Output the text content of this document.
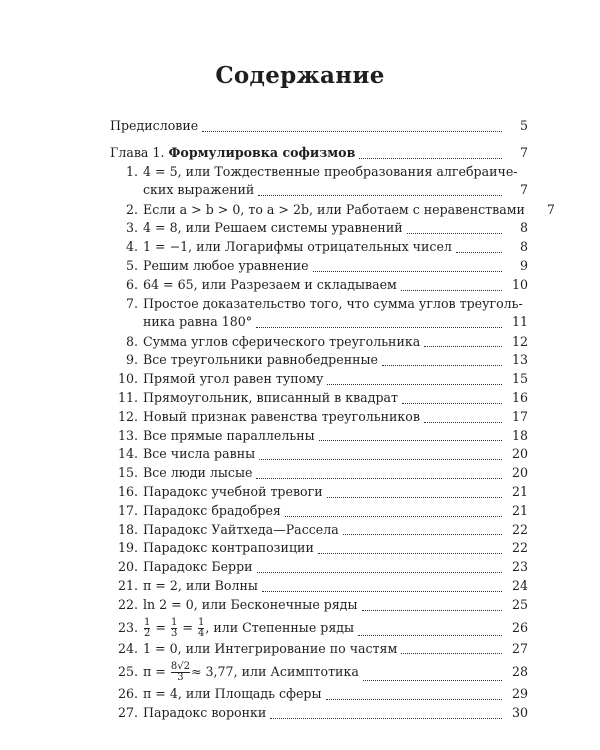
Содержание
Предисловие	5
Глава 1. Формулировка софизмов	7
1. 4 = 5, или Тождественные преобразования алгебраиче-
ских выражений	7
2. Если a > b > 0, то a > 2b, или Работаем с неравенствами	7
3. 4 = 8, или Решаем системы уравнений	8
4. 1 = −1, или Логарифмы отрицательных чисел	8
5. Решим любое уравнение	9
6. 64 = 65, или Разрезаем и складываем	10
7. Простое доказательство того, что сумма углов треуголь-
ника равна 180°	11
8. Сумма углов сферического треугольника	12
9. Все треугольники равнобедренные	13
10. Прямой угол равен тупому	15
11. Прямоугольник, вписанный в квадрат	16
12. Новый признак равенства треугольников	17
13. Все прямые параллельны	18
14. Все числа равны	20
15. Все люди лысые	20
16. Парадокс учебной тревоги	21
17. Парадокс брадобрея	21
18. Парадокс Уайтхеда—Рассела	22
19. Парадокс контрапозиции	22
20. Парадокс Берри	23
21. π = 2, или Волны	24
22. ln 2 = 0, или Бесконечные ряды	25
23. $\frac{1}{2} = \frac{1}{3} = \frac{1}{4}$ , или Степенные ряды	26
24. 1 = 0, или Интегрирование по частям	27
25. $\pi = \frac{8√2}{3} \approx 3,77$, или Асимптотика	28
26. π = 4, или Площадь сферы	29
27. Парадокс воронки	30
